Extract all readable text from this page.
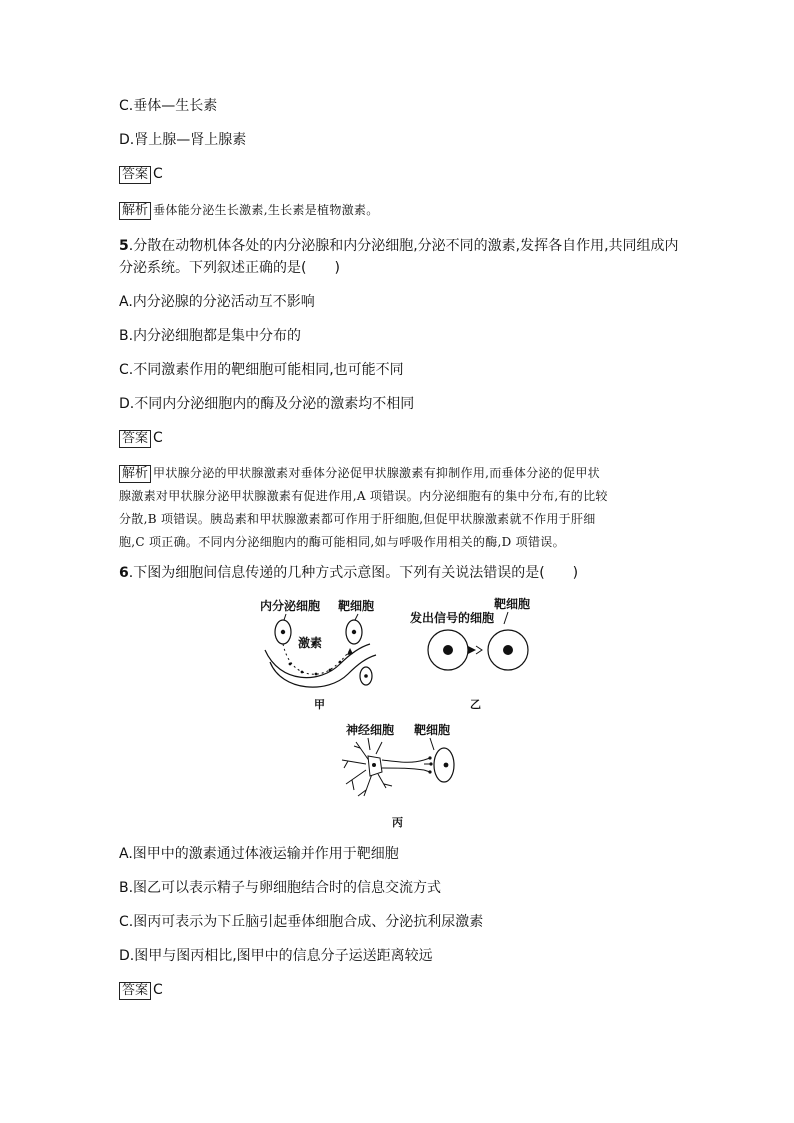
C.垂体—生长素
D.肾上腺—肾上腺素
答案 C
解析 垂体能分泌生长激素,生长素是植物激素。
5.分散在动物机体各处的内分泌腺和内分泌细胞,分泌不同的激素,发挥各自作用,共同组成内
分泌系统。下列叙述正确的是(　　)
A.内分泌腺的分泌活动互不影响
B.内分泌细胞都是集中分布的
C.不同激素作用的靶细胞可能相同,也可能不同
D.不同内分泌细胞内的酶及分泌的激素均不相同
答案 C
解析 甲状腺分泌的甲状腺激素对垂体分泌促甲状腺激素有抑制作用,而垂体分泌的促甲状
腺激素对甲状腺分泌甲状腺激素有促进作用,A 项错误。内分泌细胞有的集中分布,有的比较
分散,B 项错误。胰岛素和甲状腺激素都可作用于肝细胞,但促甲状腺激素就不作用于肝细
胞,C 项正确。不同内分泌细胞内的酶可能相同,如与呼吸作用相关的酶,D 项错误。
6.下图为细胞间信息传递的几种方式示意图。下列有关说法错误的是(　　)
内分泌细胞 靶细胞
激素
甲
发出信号的细胞
靶细胞
乙
神经细胞 靶细胞
丙
A.图甲中的激素通过体液运输并作用于靶细胞
B.图乙可以表示精子与卵细胞结合时的信息交流方式
C.图丙可表示为下丘脑引起垂体细胞合成、分泌抗利尿激素
D.图甲与图丙相比,图甲中的信息分子运送距离较远
答案 C
